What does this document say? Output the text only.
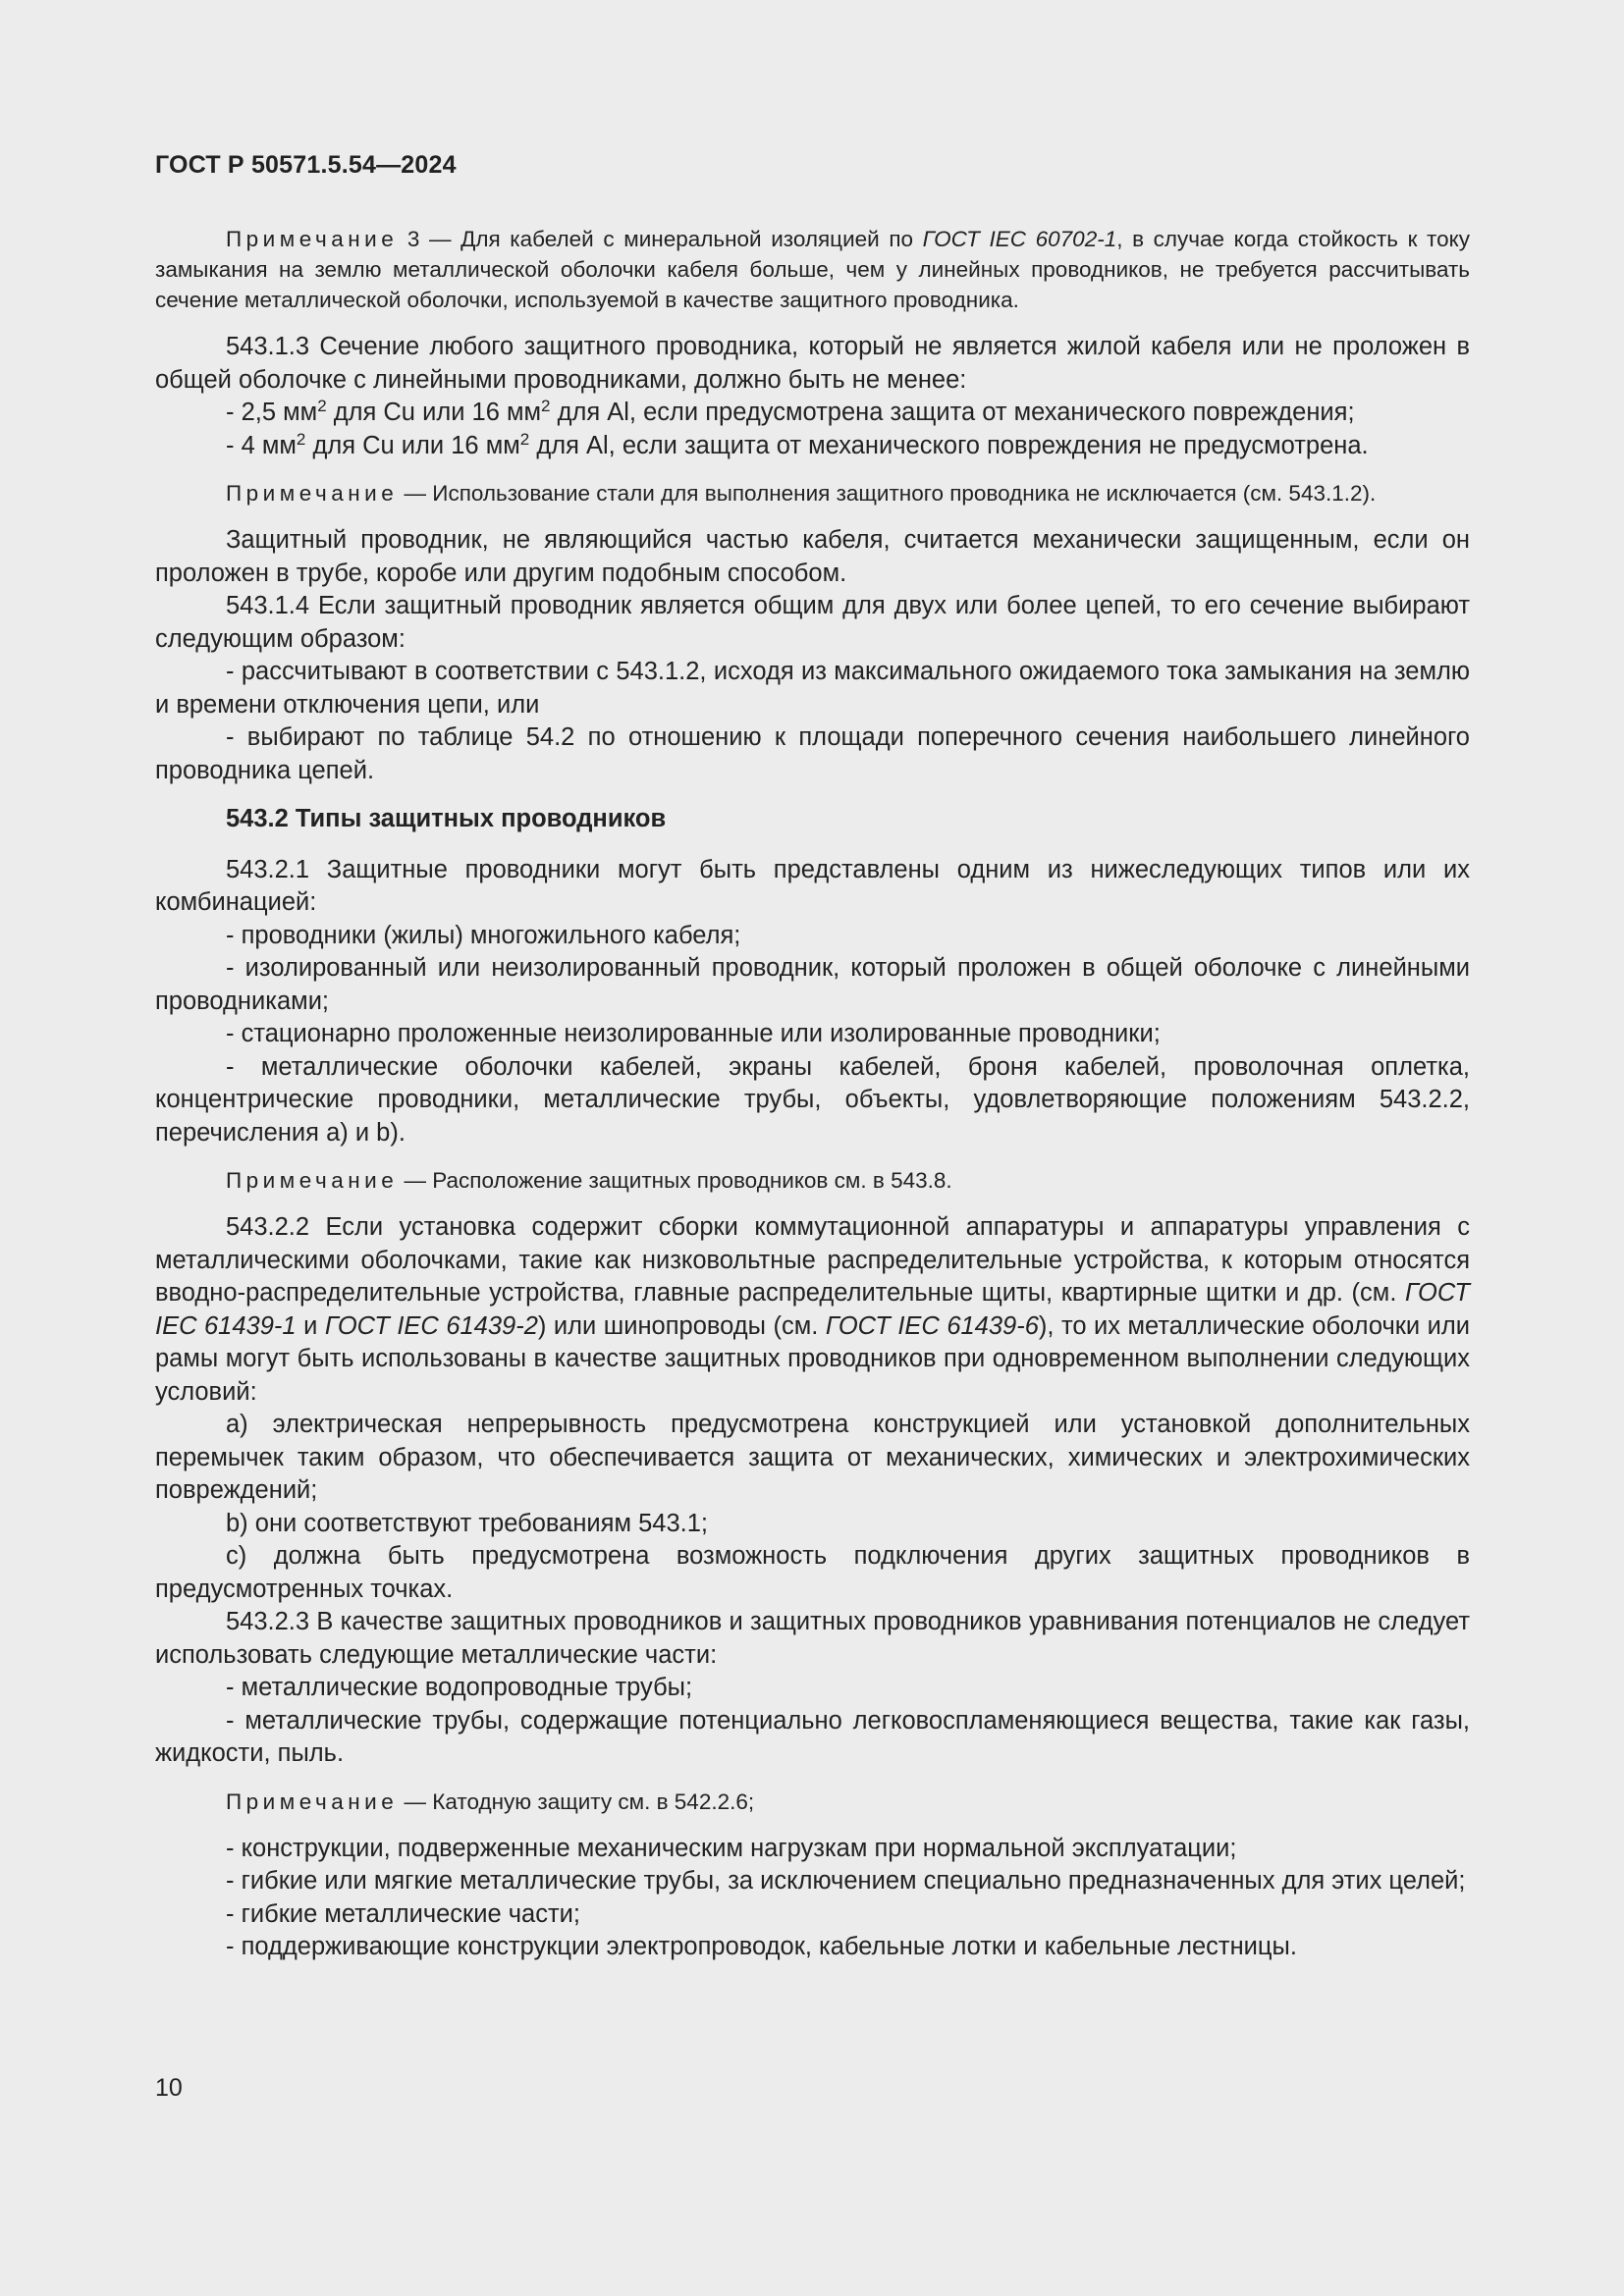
ГОСТ Р 50571.5.54—2024

Примечание 3 — Для кабелей с минеральной изоляцией по ГОСТ IEC 60702-1, в случае когда стойкость к току замыкания на землю металлической оболочки кабеля больше, чем у линейных проводников, не требуется рассчитывать сечение металлической оболочки, используемой в качестве защитного проводника.

543.1.3 Сечение любого защитного проводника, который не является жилой кабеля или не проложен в общей оболочке с линейными проводниками, должно быть не менее:

- 2,5 $мм^2$ для Cu или 16 $мм^2$ для Al, если предусмотрена защита от механического повреждения;

- 4 $мм^2$ для Cu или 16 $мм^2$ для Al, если защита от механического повреждения не предусмотрена.

Примечание — Использование стали для выполнения защитного проводника не исключается (см. 543.1.2).

Защитный проводник, не являющийся частью кабеля, считается механически защищенным, если он проложен в трубе, коробе или другим подобным способом.

543.1.4 Если защитный проводник является общим для двух или более цепей, то его сечение выбирают следующим образом:

- рассчитывают в соответствии с 543.1.2, исходя из максимального ожидаемого тока замыкания на землю и времени отключения цепи, или

- выбирают по таблице 54.2 по отношению к площади поперечного сечения наибольшего линейного проводника цепей.

543.2 Типы защитных проводников

543.2.1 Защитные проводники могут быть представлены одним из нижеследующих типов или их комбинацией:

- проводники (жилы) многожильного кабеля;

- изолированный или неизолированный проводник, который проложен в общей оболочке с линейными проводниками;

- стационарно проложенные неизолированные или изолированные проводники;

- металлические оболочки кабелей, экраны кабелей, броня кабелей, проволочная оплетка, концентрические проводники, металлические трубы, объекты, удовлетворяющие положениям 543.2.2, перечисления a) и b).

Примечание — Расположение защитных проводников см. в 543.8.

543.2.2 Если установка содержит сборки коммутационной аппаратуры и аппаратуры управления с металлическими оболочками, такие как низковольтные распределительные устройства, к которым относятся вводно-распределительные устройства, главные распределительные щиты, квартирные щитки и др. (см. ГОСТ IEC 61439-1 и ГОСТ IEC 61439-2) или шинопроводы (см. ГОСТ IEC 61439-6), то их металлические оболочки или рамы могут быть использованы в качестве защитных проводников при одновременном выполнении следующих условий:

a) электрическая непрерывность предусмотрена конструкцией или установкой дополнительных перемычек таким образом, что обеспечивается защита от механических, химических и электрохимических повреждений;

b) они соответствуют требованиям 543.1;

c) должна быть предусмотрена возможность подключения других защитных проводников в предусмотренных точках.

543.2.3 В качестве защитных проводников и защитных проводников уравнивания потенциалов не следует использовать следующие металлические части:

- металлические водопроводные трубы;

- металлические трубы, содержащие потенциально легковоспламеняющиеся вещества, такие как газы, жидкости, пыль.

Примечание — Катодную защиту см. в 542.2.6;

- конструкции, подверженные механическим нагрузкам при нормальной эксплуатации;

- гибкие или мягкие металлические трубы, за исключением специально предназначенных для этих целей;

- гибкие металлические части;

- поддерживающие конструкции электропроводок, кабельные лотки и кабельные лестницы.

10
